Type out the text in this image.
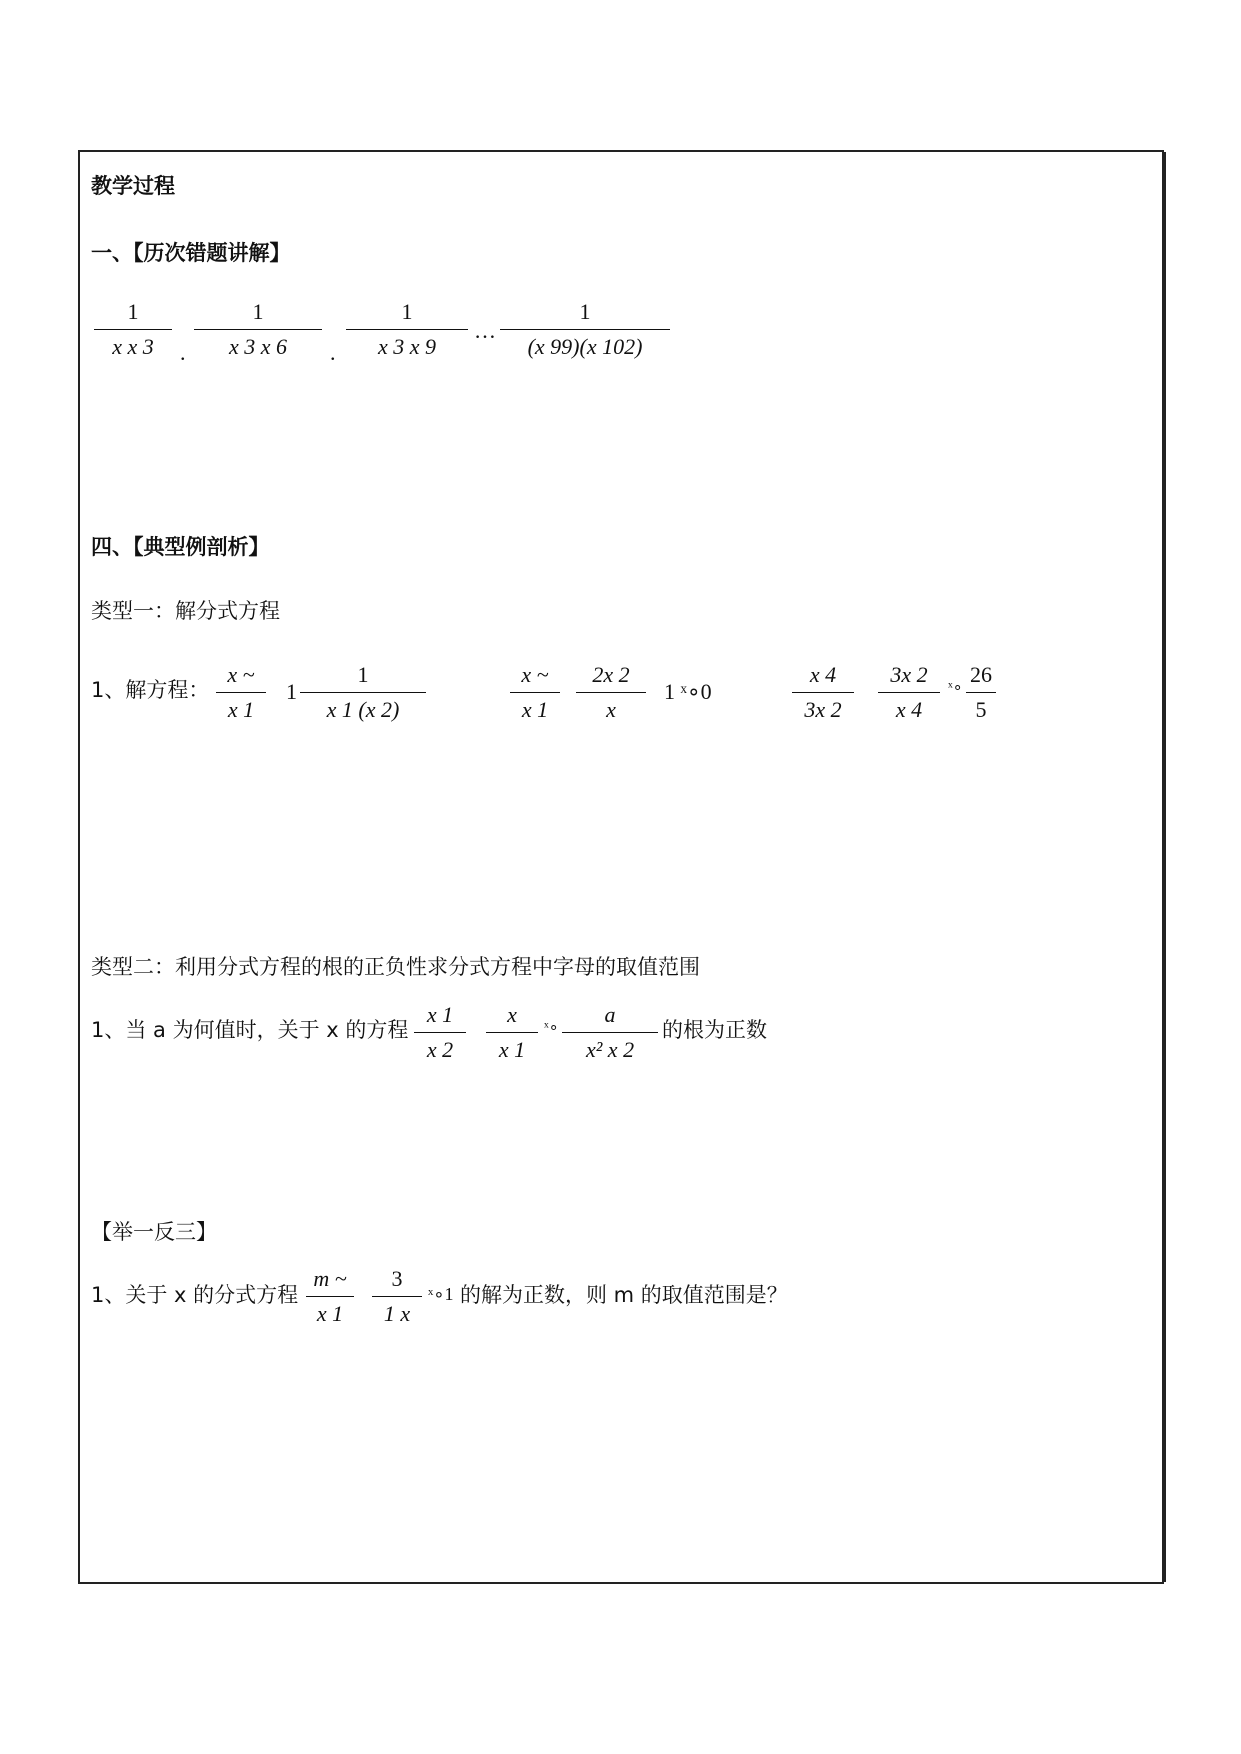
教学过程
一、【历次错题讲解】
1
x x 3	.
1
x 3 x 6	.
1
x 3 x 9
…
1
(x 99)(x 102)
四、【典型例剖析】
类型一：解分式方程
1、解方程：
x ~
x 1
1
1
x 1 (x 2)
x ~
x 1
2x 2
x
1 ˣ∘0
x 4
3x 2
3x 2
x 4
ˣ∘
26
5
类型二：利用分式方程的根的正负性求分式方程中字母的取值范围
1、当 a 为何值时，关于 x 的方程
x 1
x 2
x
x 1
ˣ∘
a
x² x 2
的根为正数
【举一反三】
1、关于 x 的分式方程
m ~
x 1
3
1 x
ˣ∘1 的解为正数，则 m 的取值范围是？
